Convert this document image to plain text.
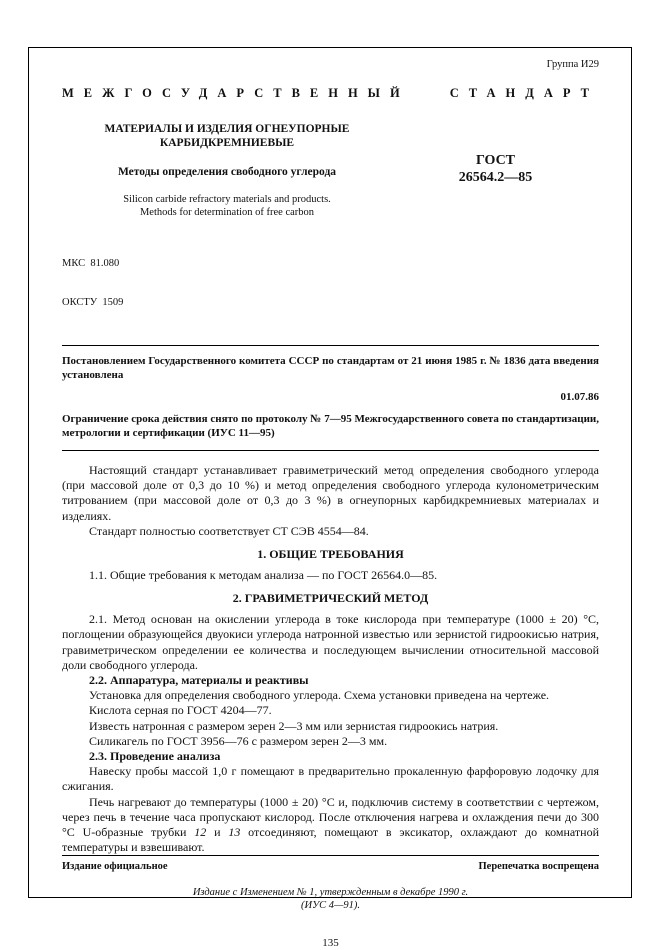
Группа И29
МЕЖГОСУДАРСТВЕННЫЙ	СТАНДАРТ
МАТЕРИАЛЫ И ИЗДЕЛИЯ ОГНЕУПОРНЫЕ
КАРБИДКРЕМНИЕВЫЕ
Методы определения свободного углерода
Silicon carbide refractory materials and products.
Methods for determination of free carbon
ГОСТ
26564.2—85

МКС  81.080

ОКСТУ  1509

Постановлением Государственного комитета СССР по стандартам от 21 июня 1985 г. № 1836 дата введения установлена

01.07.86

Ограничение срока действия снято по протоколу № 7—95 Межгосударственного совета по стандартизации, метрологии и сертификации (ИУС 11—95)

Настоящий стандарт устанавливает гравиметрический метод определения свободного углерода (при массовой доле от 0,3 до 10 %) и метод определения свободного углерода кулонометрическим титрованием (при массовой доле от 0,3 до 3 %) в огнеупорных карбидкремниевых материалах и изделиях.

Стандарт полностью соответствует СТ СЭВ 4554—84.

1. ОБЩИЕ ТРЕБОВАНИЯ

1.1. Общие требования к методам анализа — по ГОСТ 26564.0—85.

2. ГРАВИМЕТРИЧЕСКИЙ МЕТОД

2.1. Метод основан на окислении углерода в токе кислорода при температуре (1000 ± 20) °С, поглощении образующейся двуокиси углерода натронной известью или зернистой гидроокисью натрия, гравиметрическом определении ее количества и последующем вычислении относительной массовой доли свободного углерода.

2.2. Аппаратура, материалы и реактивы

Установка для определения свободного углерода. Схема установки приведена на чертеже.

Кислота серная по ГОСТ 4204—77.

Известь натронная с размером зерен 2—3 мм или зернистая гидроокись натрия.

Силикагель по ГОСТ 3956—76 с размером зерен 2—3 мм.

2.3. Проведение анализа

Навеску пробы массой 1,0 г помещают в предварительно прокаленную фарфоровую лодочку для сжигания.

Печь нагревают до температуры (1000 ± 20) °С и, подключив систему в соответствии с чертежом, через печь в течение часа пропускают кислород. После отключения нагрева и охлаждения печи до 300 °С U-образные трубки 12 и 13 отсоединяют, помещают в эксикатор, охлаждают до комнатной температуры и взвешивают.

Издание официальное	Перепечатка воспрещена
Издание с Изменением № 1, утвержденным в декабре 1990 г.
(ИУС 4—91).
135
